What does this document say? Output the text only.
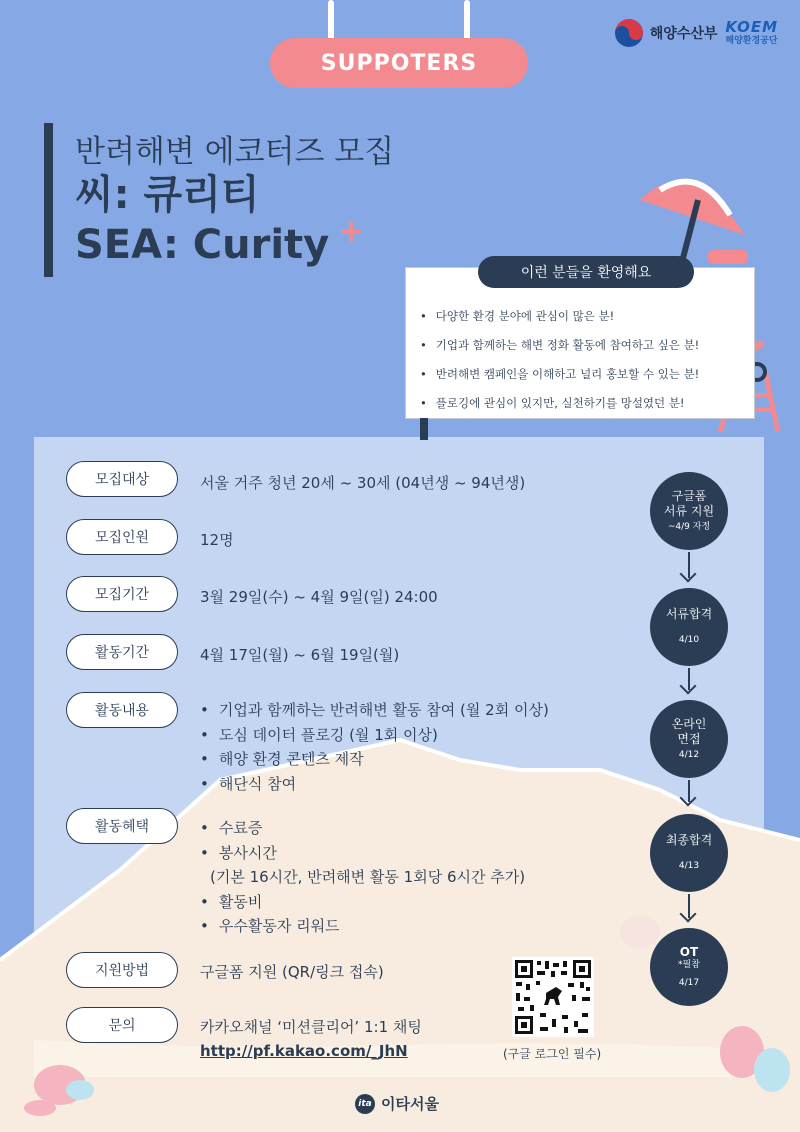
SUPPOTERS
해양수산부 KOEM
해양환경공단
반려해변 에코터즈 모집
씨: 큐리티
SEA: Curity +
• 다양한 환경 분야에 관심이 많은 분!
• 기업과 함께하는 해변 정화 활동에 참여하고 싶은 분!
• 반려해변 캠페인을 이해하고 널리 홍보할 수 있는 분!
• 플로깅에 관심이 있지만, 실천하기를 망설였던 분!
이런 분들을 환영해요
모집대상	서울 거주 청년 20세 ~ 30세 (04년생 ~ 94년생)
모집인원	12명
모집기간	3월 29일(수) ~ 4월 9일(일) 24:00
활동기간	4월 17일(월) ~ 6월 19일(월)
활동내용	• 기업과 함께하는 반려해변 활동 참여 (월 2회 이상)
• 도심 데이터 플로깅 (월 1회 이상)
• 해양 환경 콘텐츠 제작
• 해단식 참여
활동혜택	• 수료증
• 봉사시간
(기본 16시간, 반려해변 활동 1회당 6시간 추가)
• 활동비
• 우수활동자 리워드
지원방법	구글폼 지원 (QR/링크 접속)
문의	카카오채널 ‘미션클리어’ 1:1 채팅
http://pf.kakao.com/_JhN	(구글 로그인 필수)
구글폼
서류 지원
~4/9 자정
서류합격
4/10
온라인
면접
4/12
최종합격
4/13
OT
*필참
4/17
ita 이타서울
